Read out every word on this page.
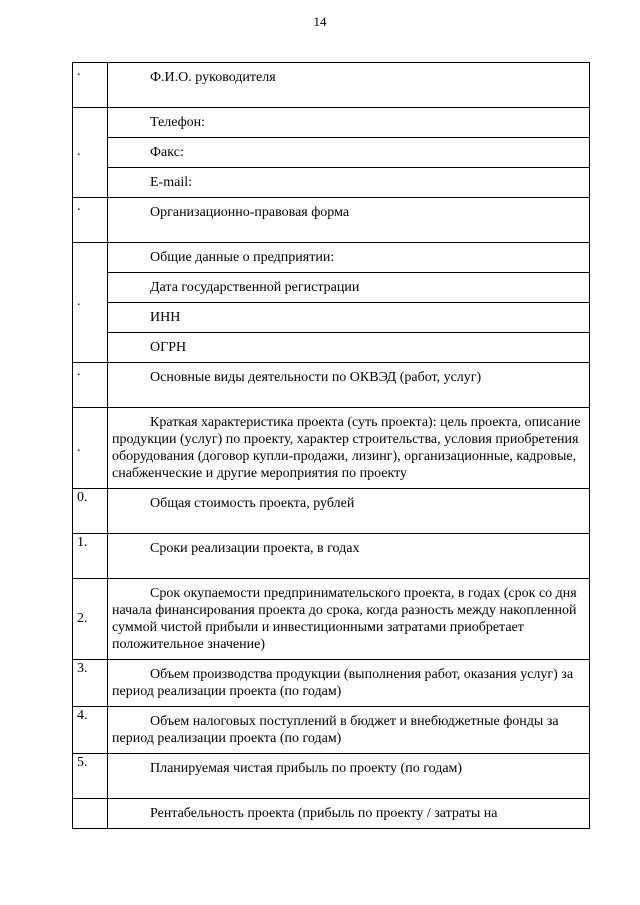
14
.	Ф.И.О. руководителя

.	Телефон:

	Факс:

	E-mail:

.	Организационно-правовая форма

.	Общие данные о предприятии:

	Дата государственной регистрации

	ИНН

	ОГРН

.	Основные виды деятельности по ОКВЭД (работ, услуг)

.	Краткая характеристика проекта (суть проекта): цель проекта, описание продукции (услуг) по проекту, характер строительства, условия приобретения оборудования (договор купли-продажи, лизинг), организационные, кадровые, снабженческие и другие мероприятия по проекту

0.	Общая стоимость проекта, рублей

1.	Сроки реализации проекта, в годах

2.	Срок окупаемости предпринимательского проекта, в годах (срок со дня начала финансирования проекта до срока, когда разность между накопленной суммой чистой прибыли и инвестиционными затратами приобретает положительное значение)

3.	Объем производства продукции (выполнения работ, оказания услуг) за период реализации проекта (по годам)

4.	Объем налоговых поступлений в бюджет и внебюджетные фонды за период реализации проекта (по годам)

5.	Планируемая чистая прибыль по проекту (по годам)

	Рентабельность проекта (прибыль по проекту / затраты на
